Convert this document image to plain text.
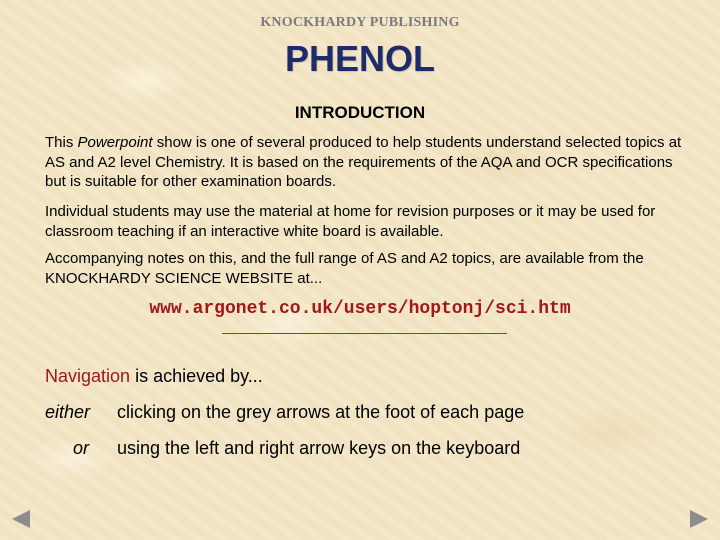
KNOCKHARDY PUBLISHING
PHENOL
INTRODUCTION
This Powerpoint show is one of several produced to help students understand selected topics at AS and A2 level Chemistry. It is based on the requirements of the AQA and OCR specifications but is suitable for other examination boards.
Individual students may use the material at home for revision purposes or it may be used for classroom teaching if an interactive white board is available.
Accompanying notes on this, and the full range of AS and A2 topics, are available from the KNOCKHARDY SCIENCE WEBSITE at...
www.argonet.co.uk/users/hoptonj/sci.htm
Navigation is achieved by...
either clicking on the grey arrows at the foot of each page
or using the left and right arrow keys on the keyboard
